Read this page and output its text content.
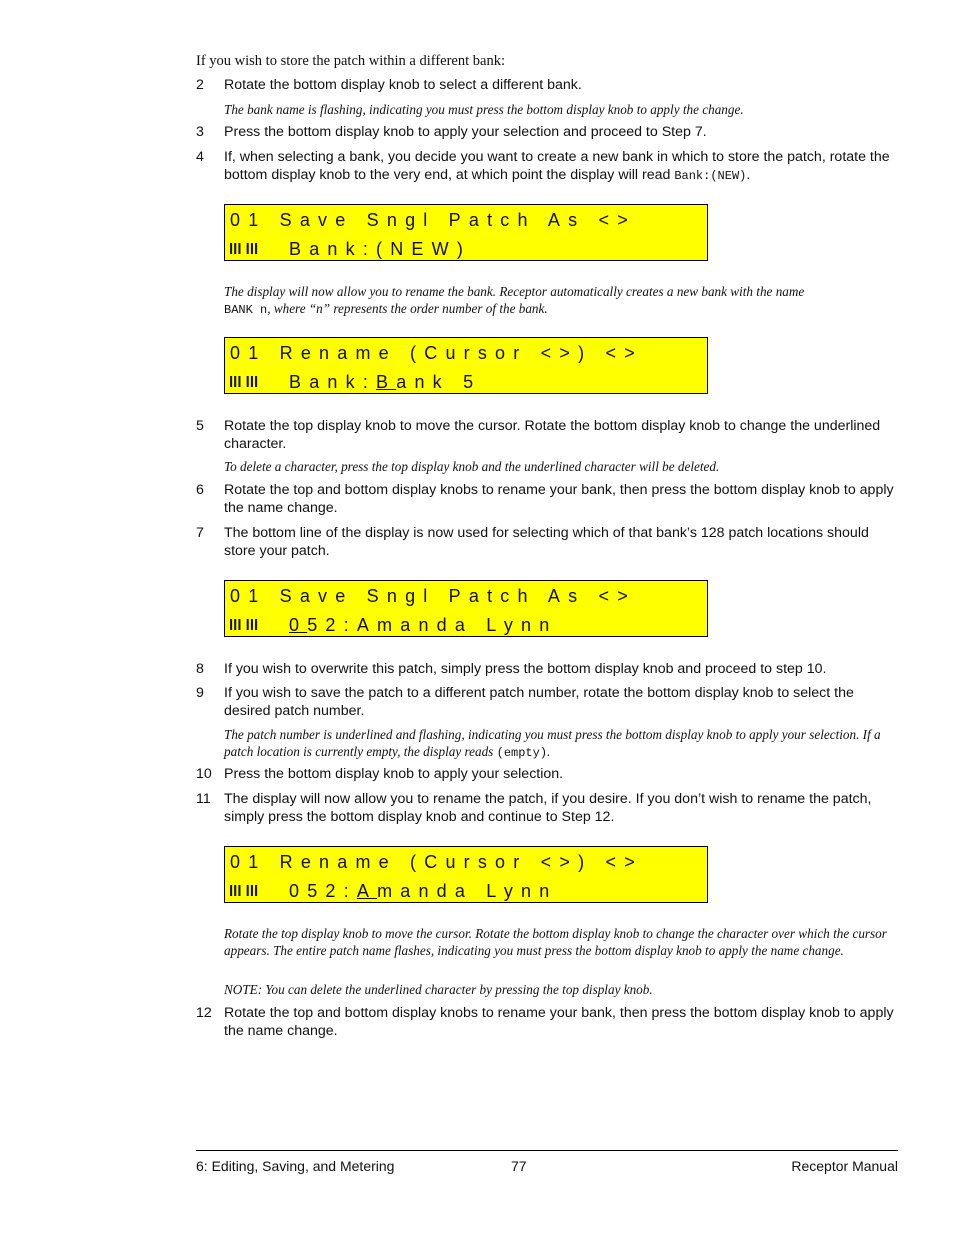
If you wish to store the patch within a different bank:
2	Rotate the bottom display knob to select a different bank.
The bank name is flashing, indicating you must press the bottom display knob to apply the change.
3	Press the bottom display knob to apply your selection and proceed to Step 7.
4	If, when selecting a bank, you decide you want to create a new bank in which to store the patch, rotate the bottom display knob to the very end, at which point the display will read Bank:(NEW).
01 Save Sngl Patch As <>
lll lll Bank:(NEW)
The display will now allow you to rename the bank. Receptor automatically creates a new bank with the name
BANK n, where “n” represents the order number of the bank.
01 Rename (Cursor <>) <>
lll lll Bank:Bank 5
5	Rotate the top display knob to move the cursor. Rotate the bottom display knob to change the underlined character.
To delete a character, press the top display knob and the underlined character will be deleted.
6	Rotate the top and bottom display knobs to rename your bank, then press the bottom display knob to apply the name change.
7	The bottom line of the display is now used for selecting which of that bank’s 128 patch locations should store your patch.
01 Save Sngl Patch As <>
lll lll 052:Amanda Lynn
8	If you wish to overwrite this patch, simply press the bottom display knob and proceed to step 10.
9	If you wish to save the patch to a different patch number, rotate the bottom display knob to select the desired patch number.
The patch number is underlined and flashing, indicating you must press the bottom display knob to apply your selection. If a patch location is currently empty, the display reads (empty).
10 Press the bottom display knob to apply your selection.
11 The display will now allow you to rename the patch, if you desire. If you don’t wish to rename the patch, simply press the bottom display knob and continue to Step 12.
01 Rename (Cursor <>) <>
lll lll 052:Amanda Lynn
Rotate the top display knob to move the cursor. Rotate the bottom display knob to change the character over which the cursor appears. The entire patch name flashes, indicating you must press the bottom display knob to apply the name change.
NOTE: You can delete the underlined character by pressing the top display knob.
12 Rotate the top and bottom display knobs to rename your bank, then press the bottom display knob to apply the name change.
6: Editing, Saving, and Metering	77	Receptor Manual
